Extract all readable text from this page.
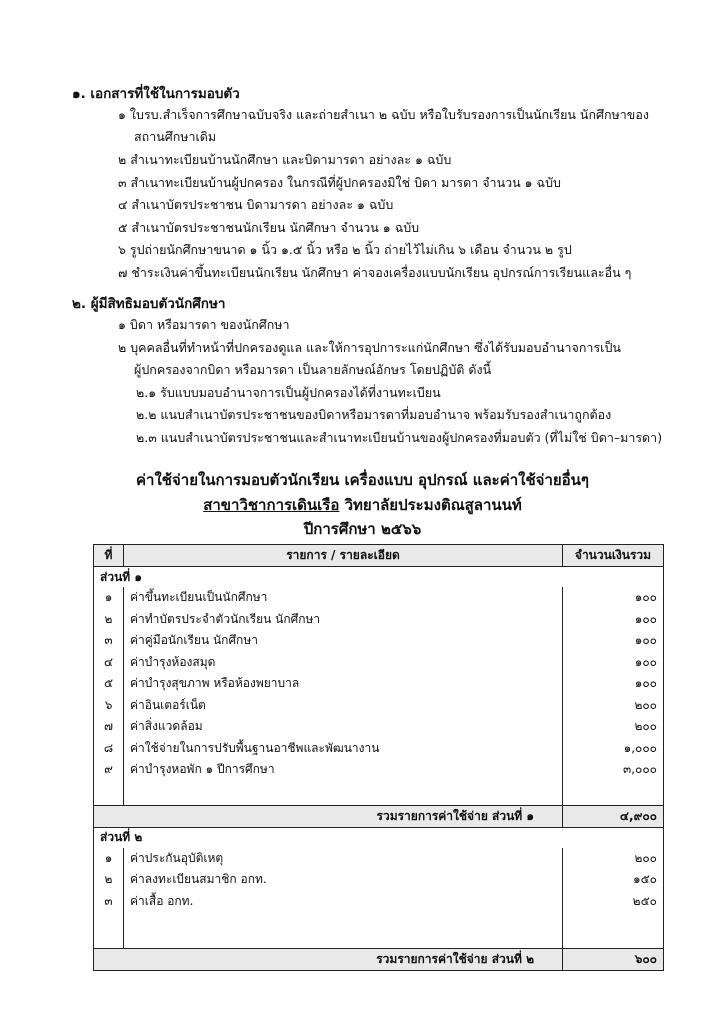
๑. เอกสารที่ใช้ในการมอบตัว
๑ ใบรบ.สำเร็จการศึกษาฉบับจริง และถ่ายสำเนา ๒ ฉบับ หรือใบรับรองการเป็นนักเรียน นักศึกษาของ
สถานศึกษาเดิม
๒ สำเนาทะเบียนบ้านนักศึกษา และบิดามารดา อย่างละ ๑ ฉบับ
๓ สำเนาทะเบียนบ้านผู้ปกครอง ในกรณีที่ผู้ปกครองมิใช่ บิดา มารดา จำนวน ๑ ฉบับ
๔ สำเนาบัตรประชาชน บิดามารดา อย่างละ ๑ ฉบับ
๕ สำเนาบัตรประชาชนนักเรียน นักศึกษา จำนวน ๑ ฉบับ
๖ รูปถ่ายนักศึกษาขนาด ๑ นิ้ว ๑.๕ นิ้ว หรือ ๒ นิ้ว ถ่ายไว้ไม่เกิน ๖ เดือน จำนวน ๒ รูป
๗ ชำระเงินค่าขึ้นทะเบียนนักเรียน นักศึกษา ค่าจองเครื่องแบบนักเรียน อุปกรณ์การเรียนและอื่น ๆ
๒. ผู้มีสิทธิมอบตัวนักศึกษา
๑ บิดา หรือมารดา ของนักศึกษา
๒ บุคคลอื่นที่ทำหน้าที่ปกครองดูแล และให้การอุปการะแก่นักศึกษา ซึ่งได้รับมอบอำนาจการเป็น
ผู้ปกครองจากบิดา หรือมารดา เป็นลายลักษณ์อักษร โดยปฏิบัติ ดังนี้
๒.๑ รับแบบมอบอำนาจการเป็นผู้ปกครองได้ที่งานทะเบียน
๒.๒ แนบสำเนาบัตรประชาชนของบิดาหรือมารดาที่มอบอำนาจ พร้อมรับรองสำเนาถูกต้อง
๒.๓ แนบสำเนาบัตรประชาชนและสำเนาทะเบียนบ้านของผู้ปกครองที่มอบตัว (ที่ไม่ใช่ บิดา–มารดา)
ค่าใช้จ่ายในการมอบตัวนักเรียน เครื่องแบบ อุปกรณ์ และค่าใช้จ่ายอื่นๆ
สาขาวิชาการเดินเรือ วิทยาลัยประมงติณสูลานนท์
ปีการศึกษา ๒๕๖๖
ที่	รายการ / รายละเอียด	จำนวนเงินรวม
ส่วนที่ ๑		
๑	ค่าขึ้นทะเบียนเป็นนักศึกษา	๑๐๐
๒	ค่าทำบัตรประจำตัวนักเรียน นักศึกษา	๑๐๐
๓	ค่าคู่มือนักเรียน นักศึกษา	๑๐๐
๔	ค่าบำรุงห้องสมุด	๑๐๐
๕	ค่าบำรุงสุขภาพ หรือห้องพยาบาล	๑๐๐
๖	ค่าอินเตอร์เน็ต	๒๐๐
๗	ค่าสิ่งแวดล้อม	๒๐๐
๘	ค่าใช้จ่ายในการปรับพื้นฐานอาชีพและพัฒนางาน	๑,๐๐๐
๙	ค่าบำรุงหอพัก ๑ ปีการศึกษา	๓,๐๐๐

รวมรายการค่าใช้จ่าย ส่วนที่ ๑		๔,๙๐๐
ส่วนที่ ๒		
๑	ค่าประกันอุบัติเหตุ	๒๐๐
๒	ค่าลงทะเบียนสมาชิก อกท.	๑๕๐
๓	ค่าเสื้อ อกท.	๒๕๐

รวมรายการค่าใช้จ่าย ส่วนที่ ๒		๖๐๐
